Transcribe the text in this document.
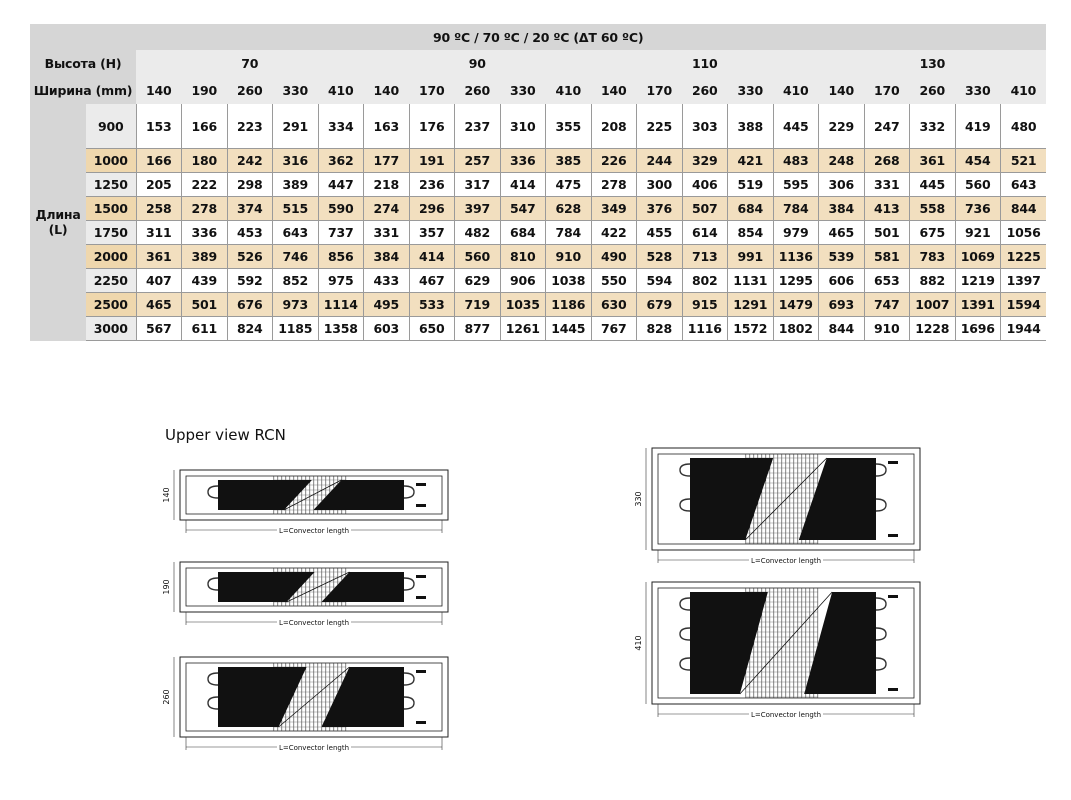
90 ºC / 70 ºC / 20 ºC (ΔT 60 ºC)																					
Высота (H)		70					90					110					130				
Ширина (mm)		140	190	260	330	410	140	170	260	330	410	140	170	260	330	410	140	170	260	330	410

Длина
(L)	900	153	166	223	291	334	163	176	237	310	355	208	225	303	388	445	229	247	332	419	480
	1000	166	180	242	316	362	177	191	257	336	385	226	244	329	421	483	248	268	361	454	521
	1250	205	222	298	389	447	218	236	317	414	475	278	300	406	519	595	306	331	445	560	643
	1500	258	278	374	515	590	274	296	397	547	628	349	376	507	684	784	384	413	558	736	844
	1750	311	336	453	643	737	331	357	482	684	784	422	455	614	854	979	465	501	675	921	1056
	2000	361	389	526	746	856	384	414	560	810	910	490	528	713	991	1136	539	581	783	1069	1225
	2250	407	439	592	852	975	433	467	629	906	1038	550	594	802	1131	1295	606	653	882	1219	1397
	2500	465	501	676	973	1114	495	533	719	1035	1186	630	679	915	1291	1479	693	747	1007	1391	1594
	3000	567	611	824	1185	1358	603	650	877	1261	1445	767	828	1116	1572	1802	844	910	1228	1696	1944
Upper view RCN
140
L=Convector length
190
L=Convector length
260
L=Convector length
330
L=Convector length
410
L=Convector length
